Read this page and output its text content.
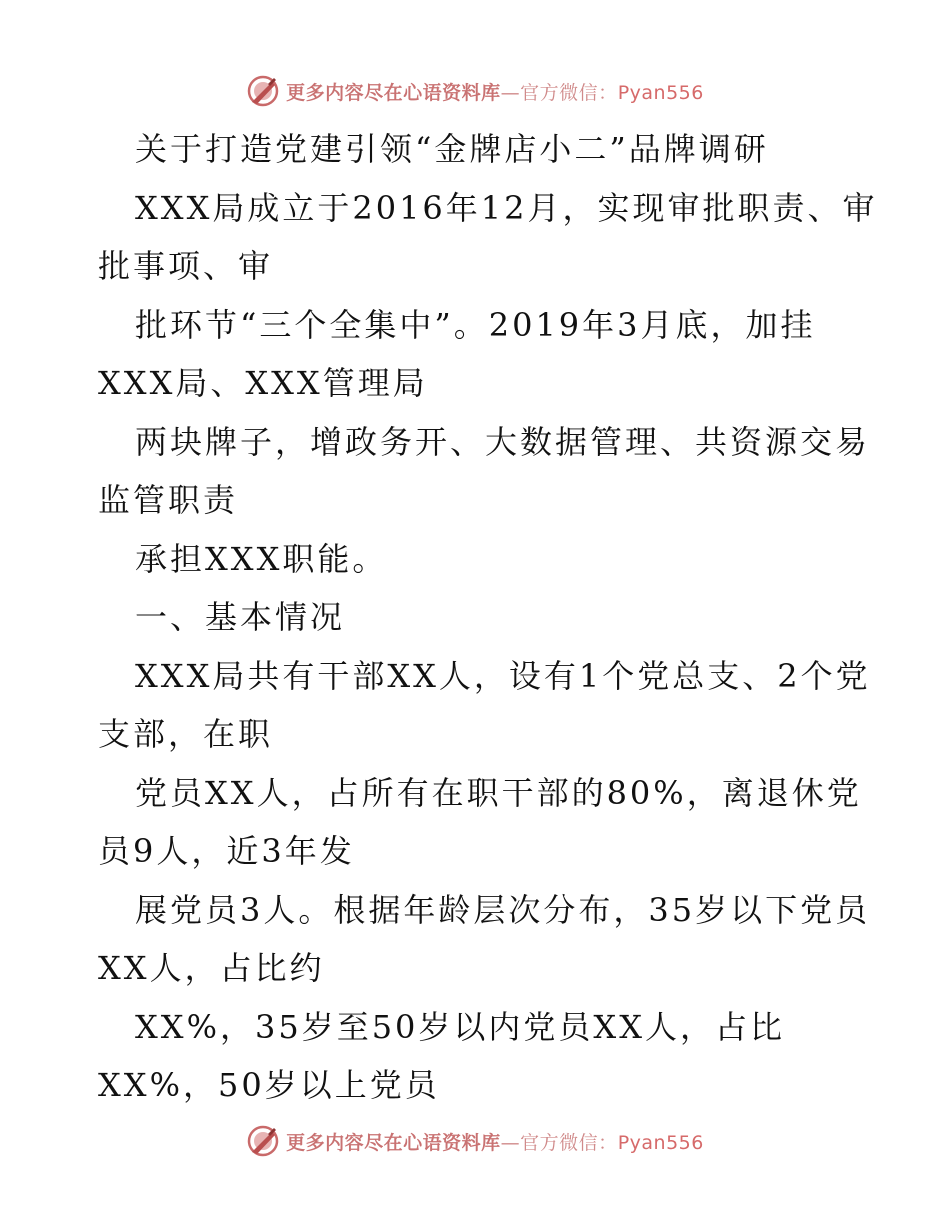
更多内容尽在心语资料库—官方微信：Pyan556
关于打造党建引领“金牌店小二”品牌调研
XXX局成立于2016年12月，实现审批职责、审
批事项、审
批环节“三个全集中”。2019年3月底，加挂
XXX局、XXX管理局
两块牌子，增政务开、大数据管理、共资源交易
监管职责
承担XXX职能。
一、基本情况
XXX局共有干部XX人，设有1个党总支、2个党
支部，在职
党员XX人，占所有在职干部的80%，离退休党
员9人，近3年发
展党员3人。根据年龄层次分布，35岁以下党员
XX人，占比约
XX%，35岁至50岁以内党员XX人，占比
XX%，50岁以上党员
更多内容尽在心语资料库—官方微信：Pyan556
